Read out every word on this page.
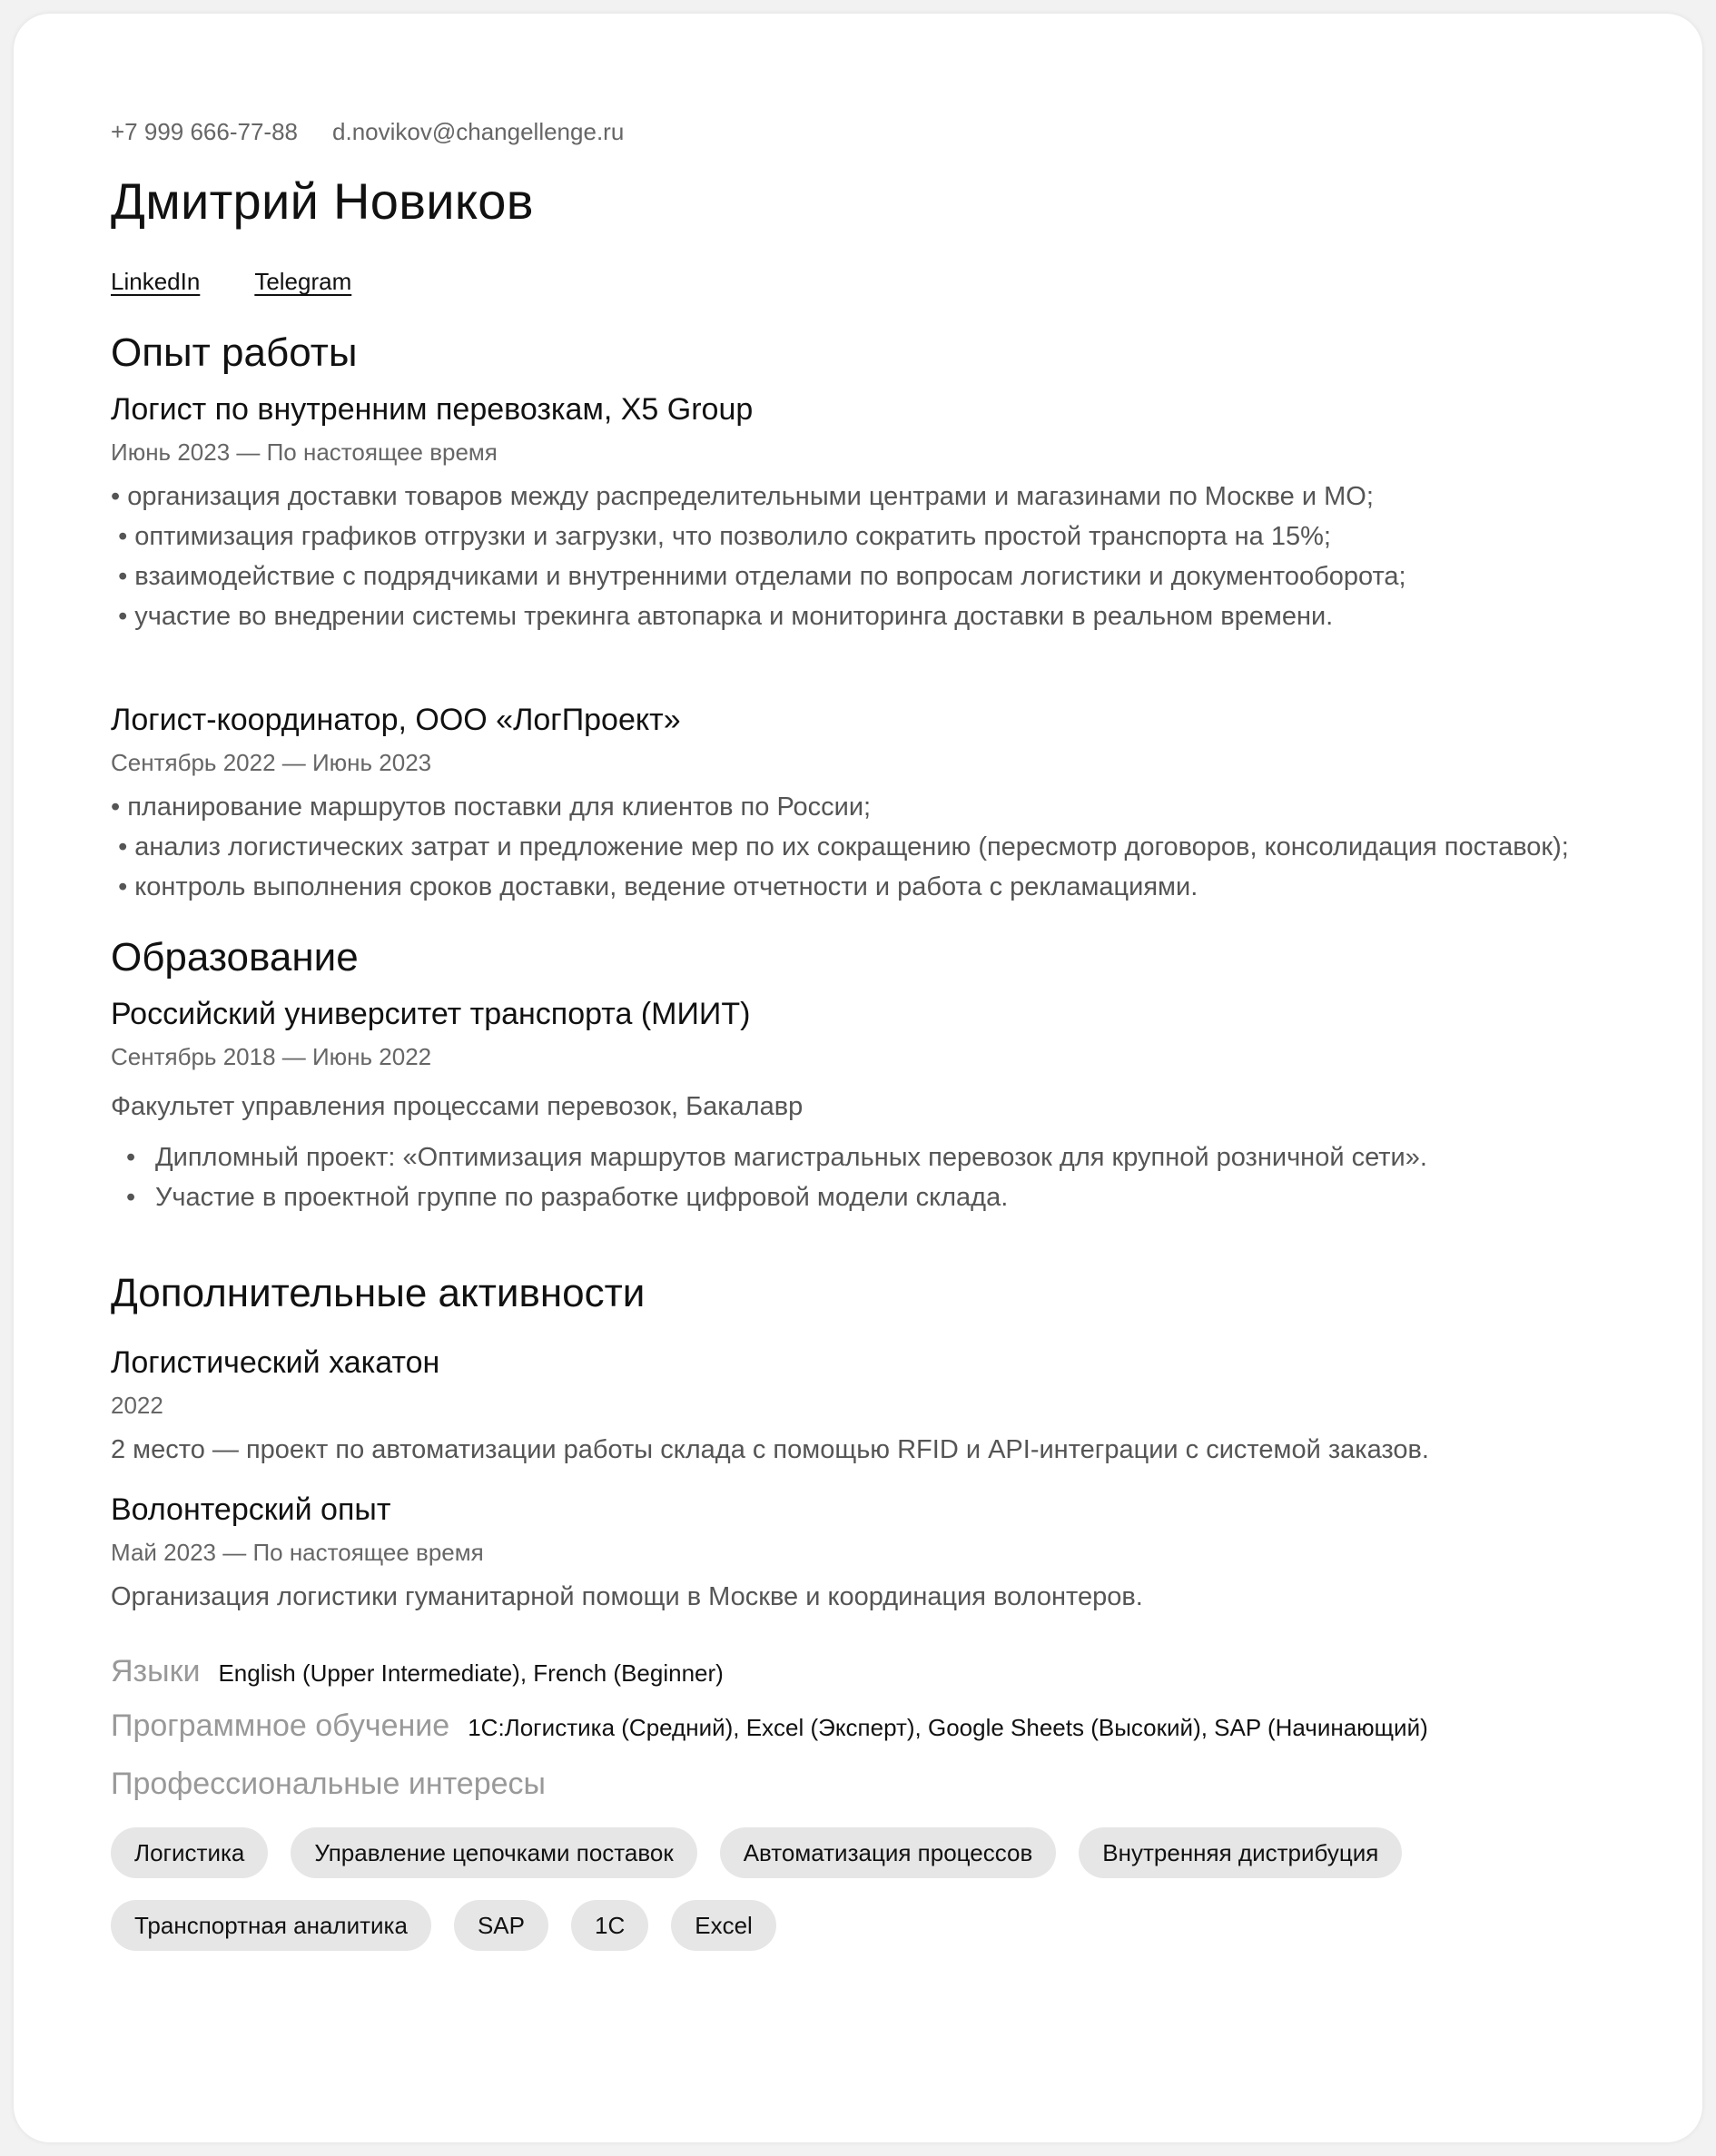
+7 999 666-77-88 d.novikov@changellenge.ru
Дмитрий Новиков
LinkedIn Telegram
Опыт работы
Логист по внутренним перевозкам, X5 Group
Июнь 2023 — По настоящее время
• организация доставки товаров между распределительными центрами и магазинами по Москве и МО;
• оптимизация графиков отгрузки и загрузки, что позволило сократить простой транспорта на 15%;
• взаимодействие с подрядчиками и внутренними отделами по вопросам логистики и документооборота;
• участие во внедрении системы трекинга автопарка и мониторинга доставки в реальном времени.
Логист-координатор, ООО «ЛогПроект»
Сентябрь 2022 — Июнь 2023
• планирование маршрутов поставки для клиентов по России;
• анализ логистических затрат и предложение мер по их сокращению (пересмотр договоров, консолидация поставок);
• контроль выполнения сроков доставки, ведение отчетности и работа с рекламациями.
Образование
Российский университет транспорта (МИИТ)
Сентябрь 2018 — Июнь 2022
Факультет управления процессами перевозок, Бакалавр
• Дипломный проект: «Оптимизация маршрутов магистральных перевозок для крупной розничной сети».
• Участие в проектной группе по разработке цифровой модели склада.
Дополнительные активности
Логистический хакатон
2022
2 место — проект по автоматизации работы склада с помощью RFID и API-интеграции с системой заказов.
Волонтерский опыт
Май 2023 — По настоящее время
Организация логистики гуманитарной помощи в Москве и координация волонтеров.
Языки English (Upper Intermediate), French (Beginner)
Программное обучение 1С:Логистика (Средний), Excel (Эксперт), Google Sheets (Высокий), SAP (Начинающий)
Профессиональные интересы
Логистика	Управление цепочками поставок	Автоматизация процессов	Внутренняя дистрибуция
Транспортная аналитика	SAP	1С	Excel
